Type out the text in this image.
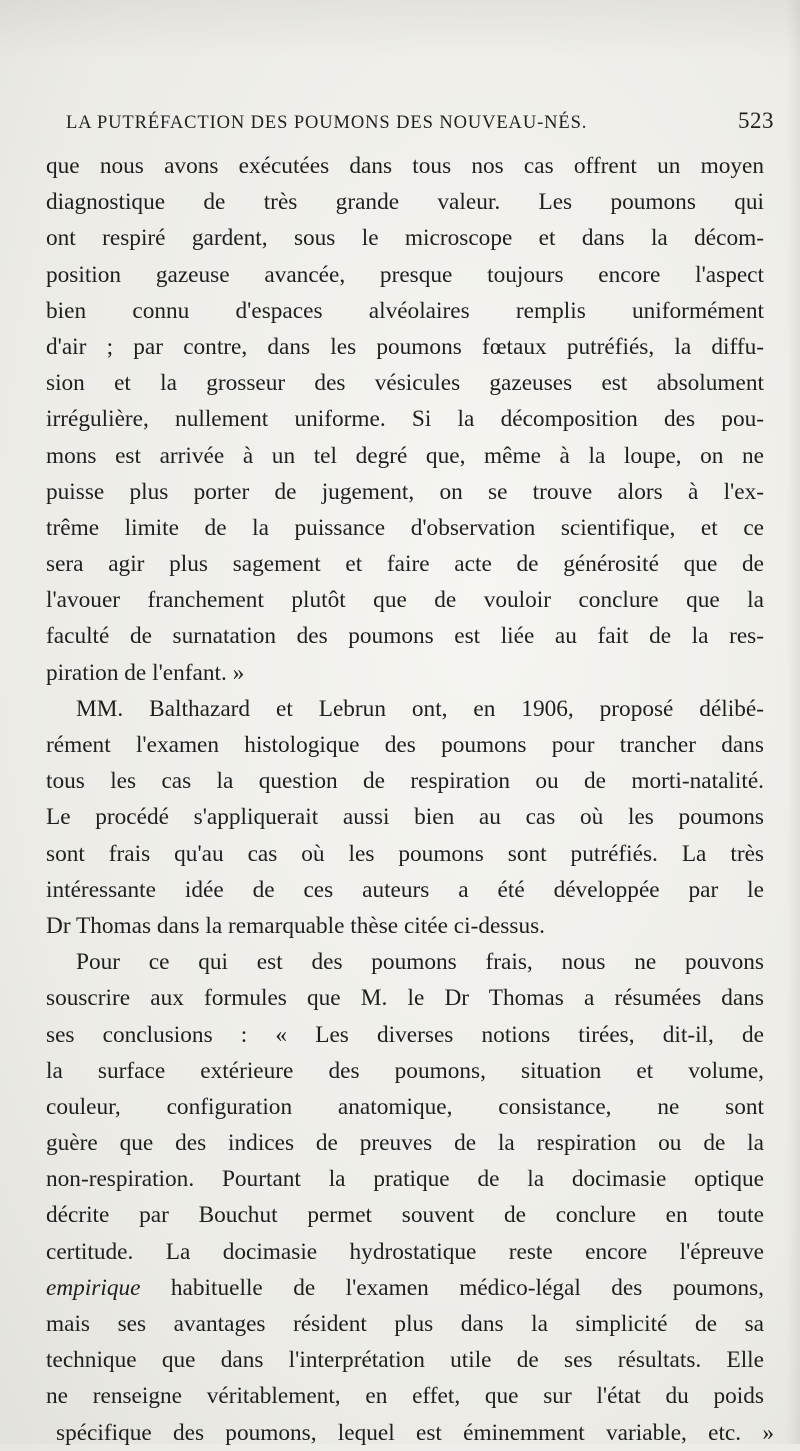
LA PUTRÉFACTION DES POUMONS DES NOUVEAU-NÉS.	523
que nous avons exécutées dans tous nos cas offrent un moyen
diagnostique de très grande valeur. Les poumons qui
ont respiré gardent, sous le microscope et dans la décom-
position gazeuse avancée, presque toujours encore l'aspect
bien connu d'espaces alvéolaires remplis uniformément
d'air ; par contre, dans les poumons fœtaux putréfiés, la diffu-
sion et la grosseur des vésicules gazeuses est absolument
irrégulière, nullement uniforme. Si la décomposition des pou-
mons est arrivée à un tel degré que, même à la loupe, on ne
puisse plus porter de jugement, on se trouve alors à l'ex-
trême limite de la puissance d'observation scientifique, et ce
sera agir plus sagement et faire acte de générosité que de
l'avouer franchement plutôt que de vouloir conclure que la
faculté de surnatation des poumons est liée au fait de la res-
piration de l'enfant. »
MM. Balthazard et Lebrun ont, en 1906, proposé délibé-
rément l'examen histologique des poumons pour trancher dans
tous les cas la question de respiration ou de morti-natalité.
Le procédé s'appliquerait aussi bien au cas où les poumons
sont frais qu'au cas où les poumons sont putréfiés. La très
intéressante idée de ces auteurs a été développée par le
Dr Thomas dans la remarquable thèse citée ci-dessus.
Pour ce qui est des poumons frais, nous ne pouvons
souscrire aux formules que M. le Dr Thomas a résumées dans
ses conclusions : « Les diverses notions tirées, dit-il, de
la surface extérieure des poumons, situation et volume,
couleur, configuration anatomique, consistance, ne sont
guère que des indices de preuves de la respiration ou de la
non-respiration. Pourtant la pratique de la docimasie optique
décrite par Bouchut permet souvent de conclure en toute
certitude. La docimasie hydrostatique reste encore l'épreuve
empirique habituelle de l'examen médico-légal des poumons,
mais ses avantages résident plus dans la simplicité de sa
technique que dans l'interprétation utile de ses résultats. Elle
ne renseigne véritablement, en effet, que sur l'état du poids
spécifique des poumons, lequel est éminemment variable, etc. »
